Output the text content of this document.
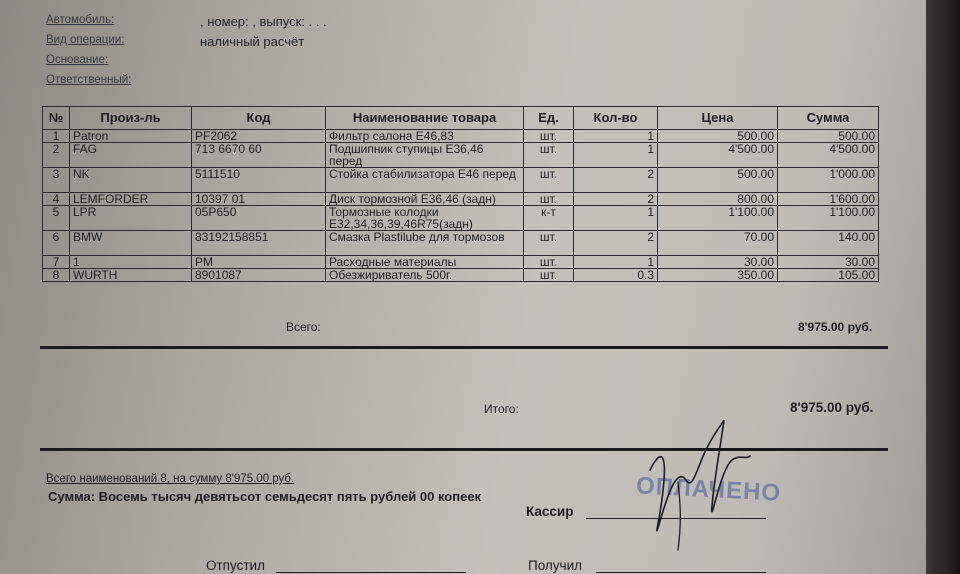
Автомобиль:	, номер: , выпуск: . . .
Вид операции:	наличный расчёт
Основание:
Ответственный:
№	Произ-ль	Код	Наименование товара	Ед.	Кол-во	Цена	Сумма
1	Patron	PF2062	Фильтр салона E46,83	шт.	1	500.00	500.00
2	FAG	713 6670 60	Подшипник ступицы E36,46 перед	шт.	1	4'500.00	4'500.00
3	NK	5111510	Стойка стабилизатора E46 перед	шт.	2	500.00	1'000.00
4	LEMFORDER	10397 01	Диск тормозной E36,46 (задн)	шт.	2	800.00	1'600.00
5	LPR	05P650	Тормозные колодки E32,34,36,39,46R75(задн)	к-т	1	1'100.00	1'100.00
6	BMW	83192158851	Смазка Plastilube для тормозов	шт.	2	70.00	140.00
7	1	PM	Расходные материалы	шт.	1	30.00	30.00
8	WURTH	8901087	Обезжириватель 500г.	шт.	0.3	350.00	105.00
Всего:	8'975.00 руб.
Итого:	8'975.00 руб.
Всего наименований 8, на сумму 8'975.00 руб.
Сумма: Восемь тысяч девятьсот семьдесят пять рублей 00 копеек
Кассир
Отпустил	Получил
ОПЛАЧЕНО
